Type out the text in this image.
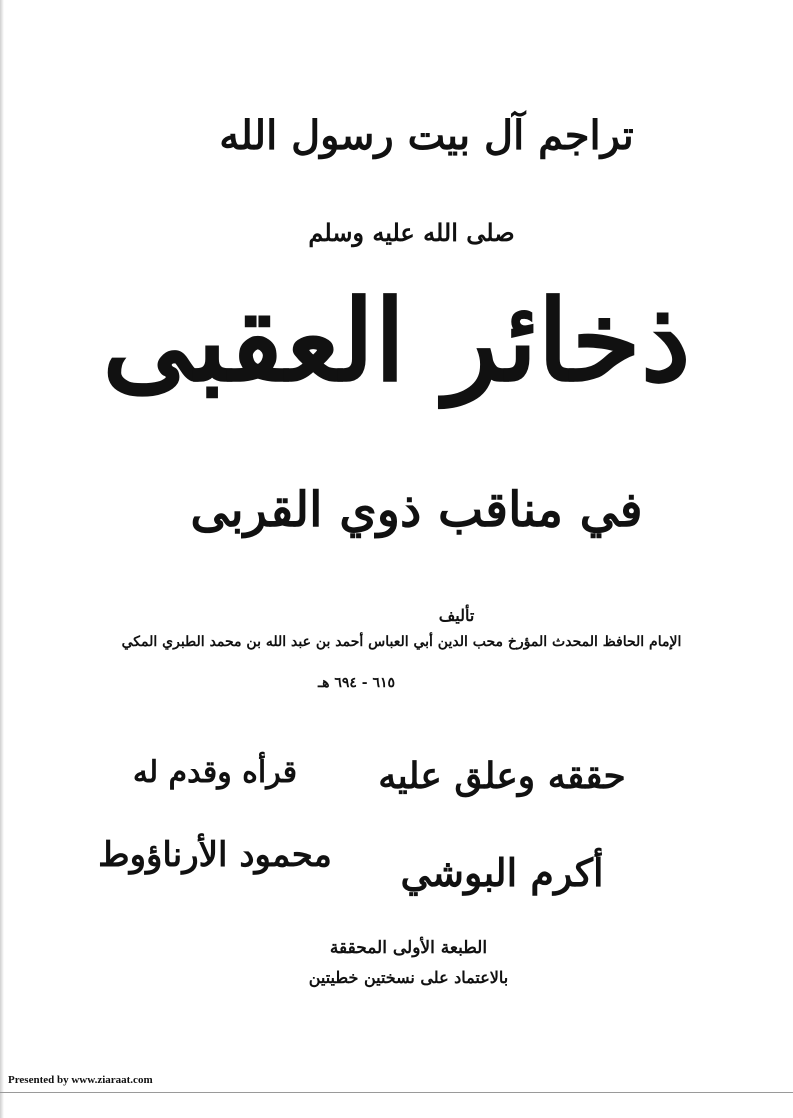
تراجم آل بيت رسول الله
صلى الله عليه وسلم
ذخائر العقبى
في مناقب ذوي القربى
تأليف
الإمام الحافظ المحدث المؤرخ محب الدين أبي العباس أحمد بن عبد الله بن محمد الطبري المكي
٦١٥ - ٦٩٤ هـ
حققه وعلق عليه
قرأه وقدم له
أكرم البوشي
محمود الأرناؤوط
الطبعة الأولى المحققة
بالاعتماد على نسختين خطيتين
Presented by www.ziaraat.com
